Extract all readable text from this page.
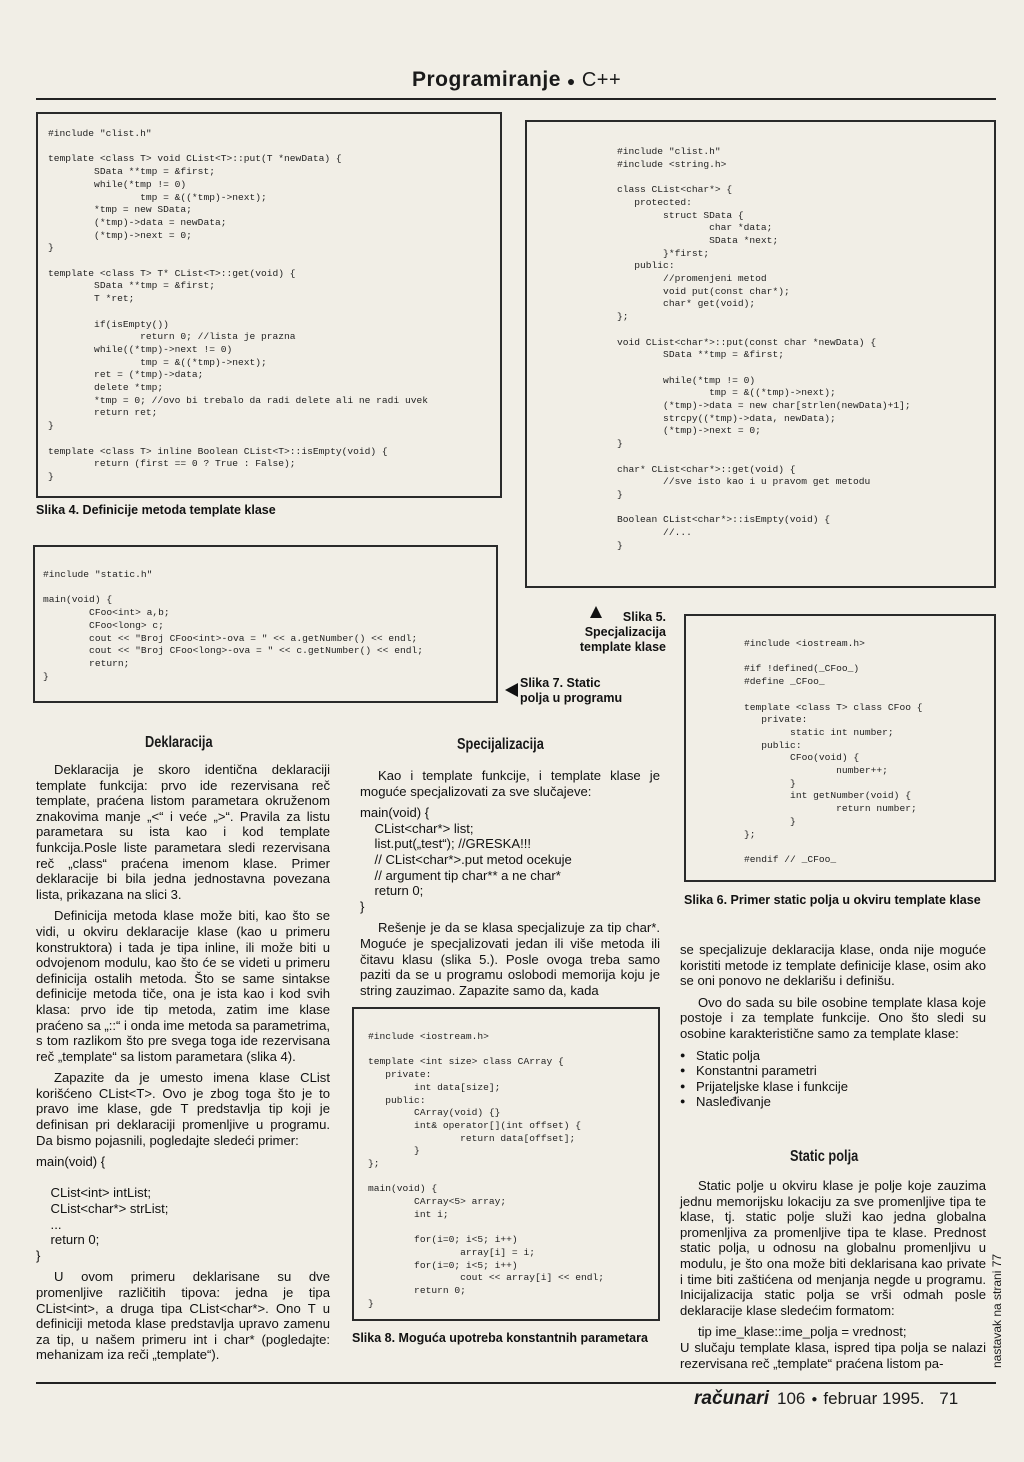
Programiranje ● C++
#include "clist.h"

template <class T> void CList<T>::put(T *newData) {
SData **tmp = &first;
while(*tmp != 0)
tmp = &((*tmp)->next);
*tmp = new SData;
(*tmp)->data = newData;
(*tmp)->next = 0;
}

template <class T> T* CList<T>::get(void) {
SData **tmp = &first;
T *ret;

if(isEmpty())
return 0; //lista je prazna
while((*tmp)->next != 0)
tmp = &((*tmp)->next);
ret = (*tmp)->data;
delete *tmp;
*tmp = 0; //ovo bi trebalo da radi delete ali ne radi uvek
return ret;
}

template <class T> inline Boolean CList<T>::isEmpty(void) {
return (first == 0 ? True : False);
}
Slika 4. Definicije metoda template klase
#include "clist.h"
#include <string.h>

class CList<char*> {
protected:
struct SData {
char *data;
SData *next;
}*first;
public:
//promenjeni metod
void put(const char*);
char* get(void);
};

void CList<char*>::put(const char *newData) {
SData **tmp = &first;

while(*tmp != 0)
tmp = &((*tmp)->next);
(*tmp)->data = new char[strlen(newData)+1];
strcpy((*tmp)->data, newData);
(*tmp)->next = 0;
}

char* CList<char*>::get(void) {
//sve isto kao i u pravom get metodu
}

Boolean CList<char*>::isEmpty(void) {
//...
}
Slika 5.
Specjalizacija
template klase
#include "static.h"

main(void) {
CFoo<int> a,b;
CFoo<long> c;
cout << "Broj CFoo<int>-ova = " << a.getNumber() << endl;
cout << "Broj CFoo<long>-ova = " << c.getNumber() << endl;
return;
}	Slika 7. Static
polja u programu
#include <iostream.h>

#if !defined(_CFoo_)
#define _CFoo_

template <class T> class CFoo {
private:
static int number;
public:
CFoo(void) {
number++;
}
int getNumber(void) {
return number;
}
};

#endif // _CFoo_
Slika 6. Primer static polja u okviru template klase
#include <iostream.h>

template <int size> class CArray {
private:
int data[size];
public:
CArray(void) {}
int& operator[](int offset) {
return data[offset];
}
};

main(void) {
CArray<5> array;
int i;

for(i=0; i<5; i++)
array[i] = i;
for(i=0; i<5; i++)
cout << array[i] << endl;
return 0;
}
Slika 8. Moguća upotreba konstantnih parametara
Deklaracija

Deklaracija je skoro identična deklaraciji template funkcija: prvo ide rezervisana reč template, praćena listom parametara okruženom znakovima manje „<“ i veće „>“. Pravila za listu parametara su ista kao i kod template funkcija.Posle liste parametara sledi rezervisana reč „class“ praćena imenom klase. Primer deklaracije bi bila jedna jednostavna povezana lista, prikazana na slici 3.

Definicija metoda klase može biti, kao što se vidi, u okviru deklaracije klase (kao u primeru konstruktora) i tada je tipa inline, ili može biti u odvojenom modulu, kao što će se videti u primeru definicija ostalih metoda. Što se same sintakse definicije metoda tiče, ona je ista kao i kod svih klasa: prvo ide tip metoda, zatim ime klase praćeno sa „::“ i onda ime metoda sa parametrima, s tom razlikom što pre svega toga ide rezervisana reč „template“ sa listom parametara (slika 4).

Zapazite da je umesto imena klase CList korišćeno CList<T>. Ovo je zbog toga što je to pravo ime klase, gde T predstavlja tip koji je definisan pri deklaraciji promenljive u programu. Da bismo pojasnili, pogledajte sledeći primer:

main(void) {

CList<int> intList;
CList<char*> strList;
...
return 0;
}

U ovom primeru deklarisane su dve promenljive različitih tipova: jedna je tipa CList<int>, a druga tipa CList<char*>. Ono T u definiciji metoda klase predstavlja upravo zamenu za tip, u našem primeru int i char* (pogledajte: mehanizam iza reči „template“).

Specijalizacija

Kao i template funkcije, i template klase je moguće specjalizovati za sve slučajeve:

main(void) {
CList<char*> list;
list.put(„test“); //GRESKA!!!
// CList<char*>.put metod ocekuje
// argument tip char** a ne char*
return 0;
}

Rešenje je da se klasa specjalizuje za tip char*. Moguće je specjalizovati jedan ili više metoda ili čitavu klasu (slika 5.). Posle ovoga treba samo paziti da se u programu oslobodi memorija koju je string zauzimao. Zapazite samo da, kada

se specjalizuje deklaracija klase, onda nije moguće koristiti metode iz template definicije klase, osim ako se oni ponovo ne deklarišu i definišu.

Ovo do sada su bile osobine template klasa koje postoje i za template funkcije. Ono što sledi su osobine karakteristične samo za template klase:

● Static polja
● Konstantni parametri
● Prijateljske klase i funkcije
● Nasleđivanje
Static polja

Static polje u okviru klase je polje koje zauzima jednu memorijsku lokaciju za sve promenljive tipa te klase, tj. static polje služi kao jedna globalna promenljiva za promenljive tipa te klase. Prednost static polja, u odnosu na globalnu promenljivu u modulu, je što ona može biti deklarisana kao private i time biti zaštićena od menjanja negde u programu. Inicijalizacija static polja se vrši odmah posle deklaracije klase sledećim formatom:

tip ime_klase::ime_polja = vrednost;

U slučaju template klasa, ispred tipa polja se nalazi rezervisana reč „template“ praćena listom pa-	nastavak na strani 77
računari 106 ● februar 1995. 71
